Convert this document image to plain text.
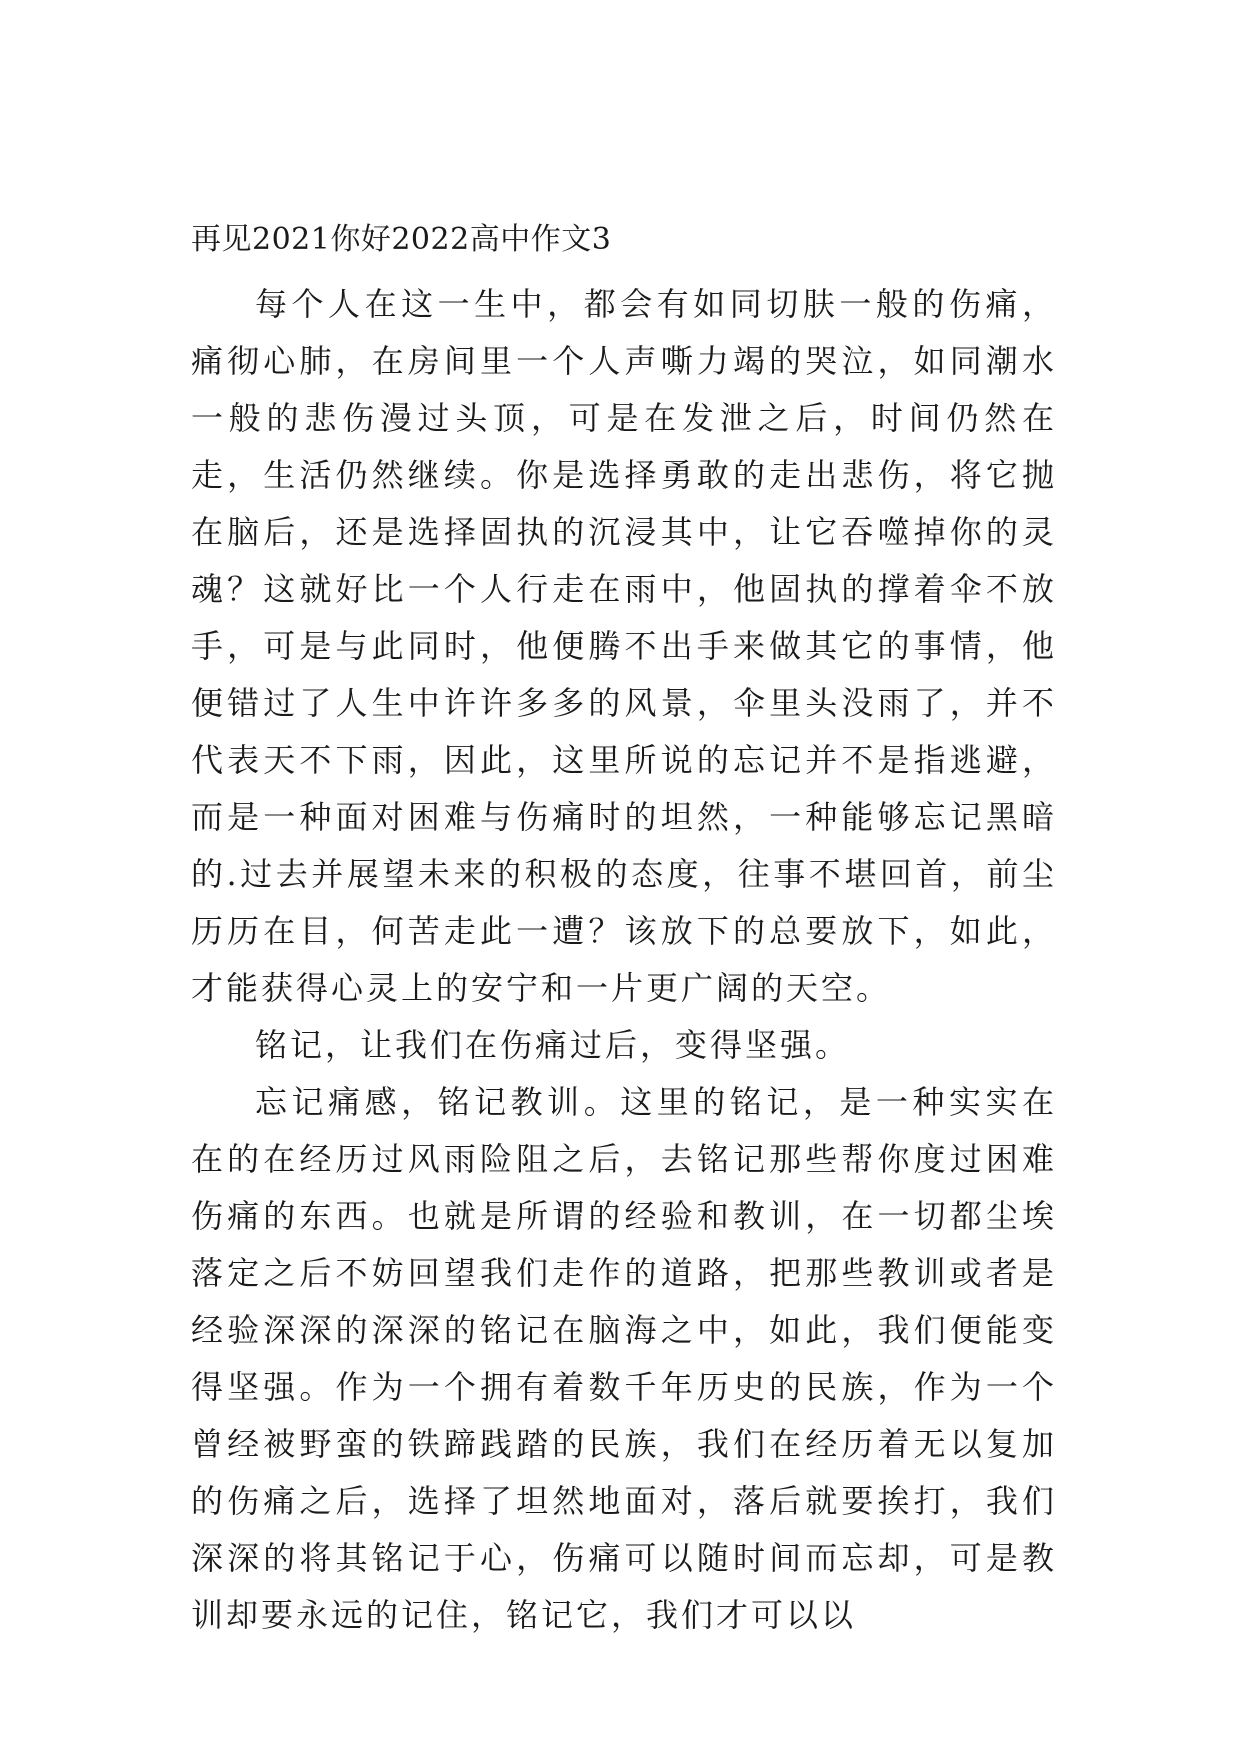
再见2021你好2022高中作文3

每个人在这一生中，都会有如同切肤一般的伤痛，痛彻心肺，在房间里一个人声嘶力竭的哭泣，如同潮水一般的悲伤漫过头顶，可是在发泄之后，时间仍然在走，生活仍然继续。你是选择勇敢的走出悲伤，将它抛在脑后，还是选择固执的沉浸其中，让它吞噬掉你的灵魂？这就好比一个人行走在雨中，他固执的撑着伞不放手，可是与此同时，他便腾不出手来做其它的事情，他便错过了人生中许许多多的风景，伞里头没雨了，并不代表天不下雨，因此，这里所说的忘记并不是指逃避，而是一种面对困难与伤痛时的坦然，一种能够忘记黑暗的.过去并展望未来的积极的态度，往事不堪回首，前尘历历在目，何苦走此一遭？该放下的总要放下，如此，才能获得心灵上的安宁和一片更广阔的天空。

铭记，让我们在伤痛过后，变得坚强。

忘记痛感，铭记教训。这里的铭记，是一种实实在在的在经历过风雨险阻之后，去铭记那些帮你度过困难伤痛的东西。也就是所谓的经验和教训，在一切都尘埃落定之后不妨回望我们走作的道路，把那些教训或者是经验深深的深深的铭记在脑海之中，如此，我们便能变得坚强。作为一个拥有着数千年历史的民族，作为一个曾经被野蛮的铁蹄践踏的民族，我们在经历着无以复加的伤痛之后，选择了坦然地面对，落后就要挨打，我们深深的将其铭记于心，伤痛可以随时间而忘却，可是教训却要永远的记住，铭记它，我们才可以以
